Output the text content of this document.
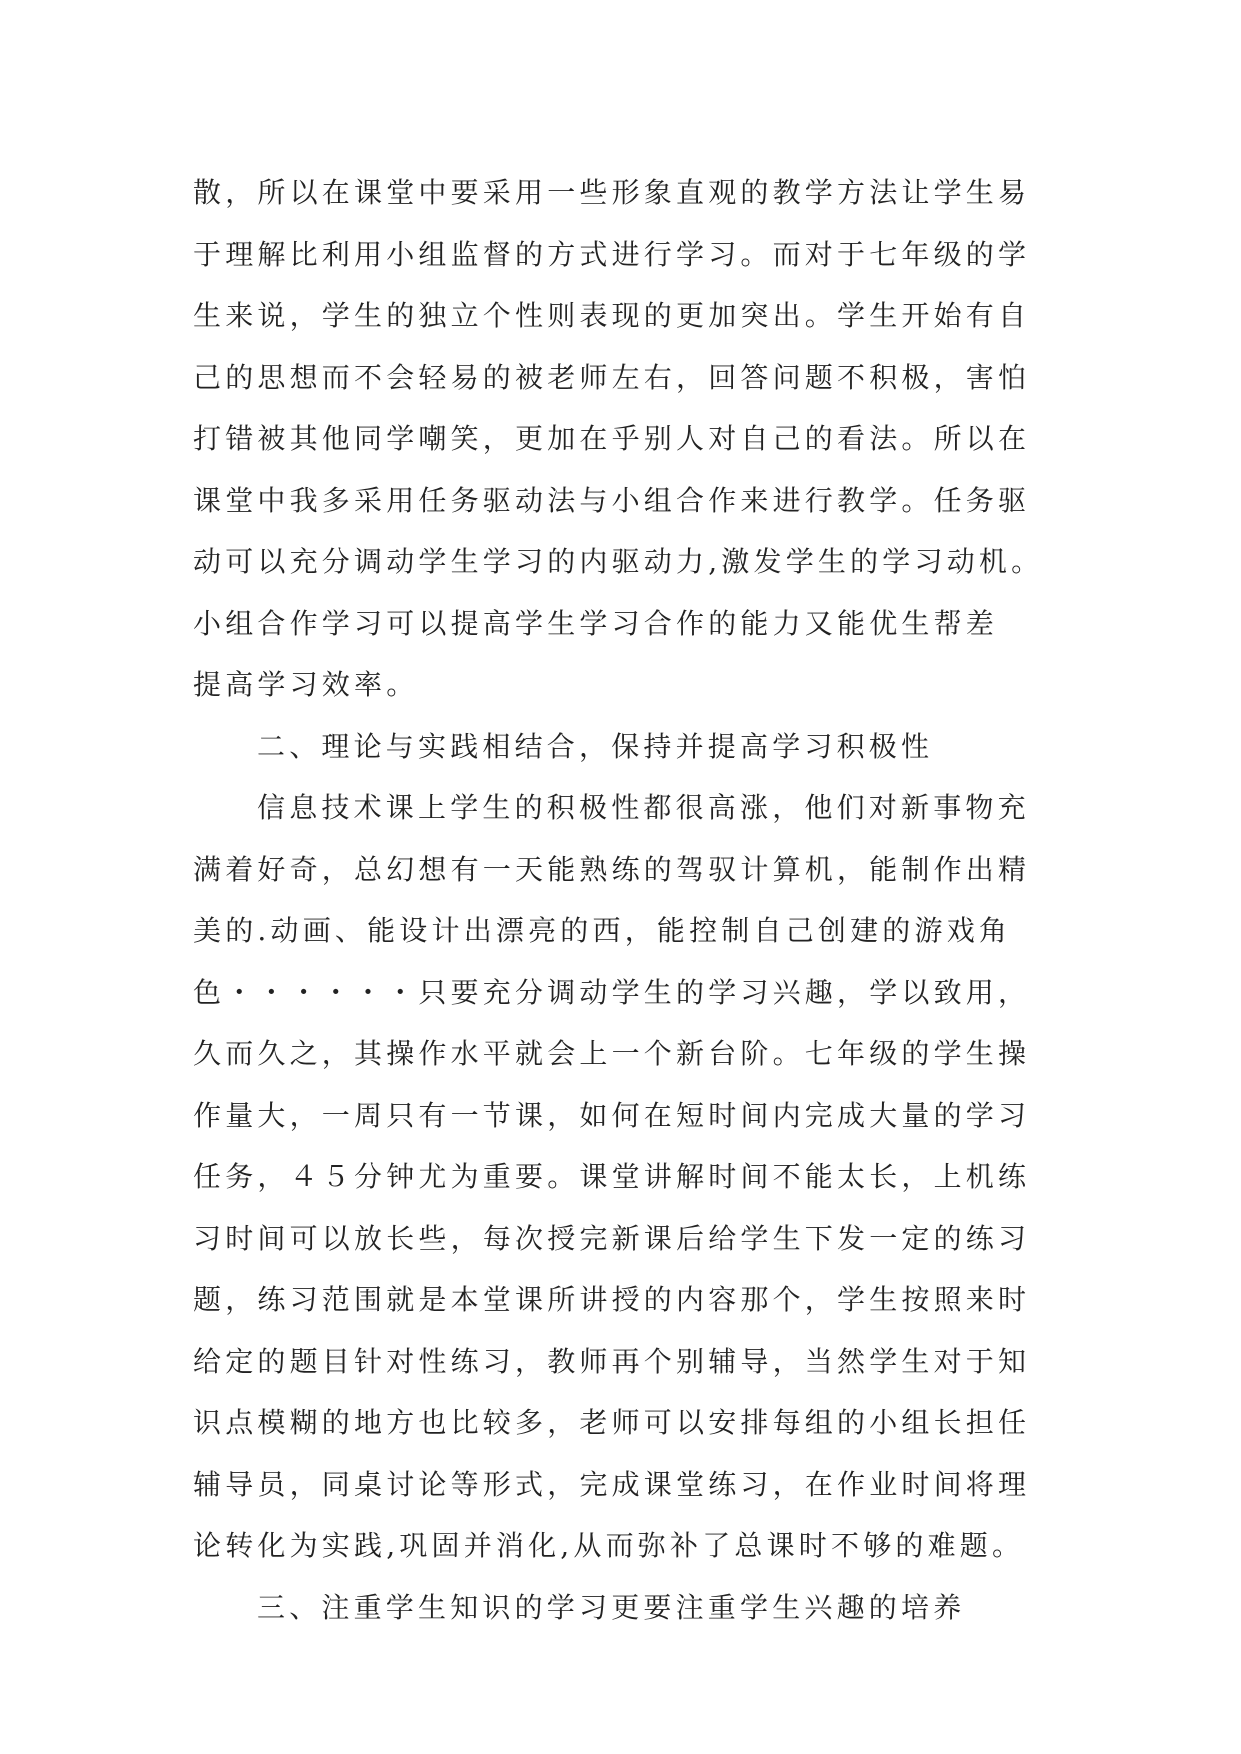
散，所以在课堂中要采用一些形象直观的教学方法让学生易
于理解比利用小组监督的方式进行学习。而对于七年级的学
生来说，学生的独立个性则表现的更加突出。学生开始有自
己的思想而不会轻易的被老师左右，回答问题不积极，害怕
打错被其他同学嘲笑，更加在乎别人对自己的看法。所以在
课堂中我多采用任务驱动法与小组合作来进行教学。任务驱
动可以充分调动学生学习的内驱动力,激发学生的学习动机。
小组合作学习可以提高学生学习合作的能力又能优生帮差
提高学习效率。
二、理论与实践相结合，保持并提高学习积极性
信息技术课上学生的积极性都很高涨，他们对新事物充
满着好奇，总幻想有一天能熟练的驾驭计算机，能制作出精
美的.动画、能设计出漂亮的西，能控制自己创建的游戏角
色・・・・・・只要充分调动学生的学习兴趣，学以致用，
久而久之，其操作水平就会上一个新台阶。七年级的学生操
作量大，一周只有一节课，如何在短时间内完成大量的学习
任务，４５分钟尤为重要。课堂讲解时间不能太长，上机练
习时间可以放长些，每次授完新课后给学生下发一定的练习
题，练习范围就是本堂课所讲授的内容那个，学生按照来时
给定的题目针对性练习，教师再个别辅导，当然学生对于知
识点模糊的地方也比较多，老师可以安排每组的小组长担任
辅导员，同桌讨论等形式，完成课堂练习，在作业时间将理
论转化为实践,巩固并消化,从而弥补了总课时不够的难题。
三、注重学生知识的学习更要注重学生兴趣的培养
